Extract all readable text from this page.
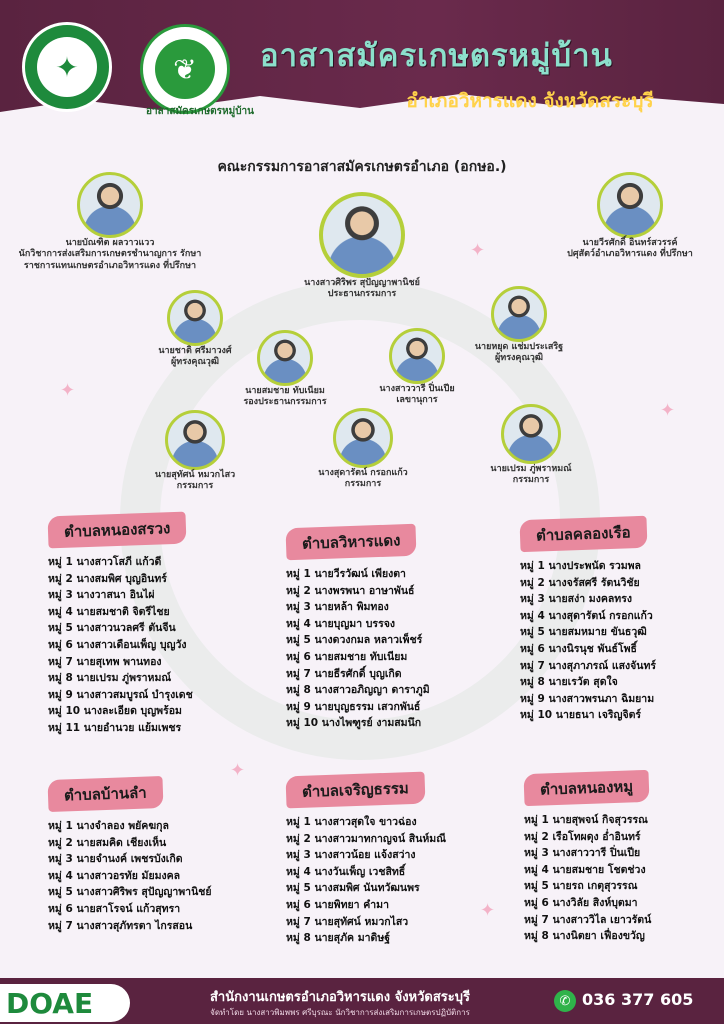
✦	❦
อาสาสมัครเกษตรหมู่บ้าน
อาสาสมัครเกษตรหมู่บ้าน
อำเภอวิหารแดง จังหวัดสระบุรี
✦
✦
✦
✦
✦
คณะกรรมการอาสาสมัครเกษตรอำเภอ (อกษอ.)
นายบัณฑิต ผลวาวแวว
นักวิชาการส่งเสริมการเกษตรชำนาญการ รักษาราชการแทนเกษตรอำเภอวิหารแดง ที่ปรึกษา
นางสาวศิริพร สุปัญญาพานิชย์
ประธานกรรมการ
นายวีรศักดิ์ อินทร์สวรรค์
ปศุสัตว์อำเภอวิหารแดง ที่ปรึกษา
นายชาติ ศรีมาวงศ์
ผู้ทรงคุณวุฒิ
นายหยุด แช่มประเสริฐ
ผู้ทรงคุณวุฒิ
นายสมชาย ทับเนียม
รองประธานกรรมการ
นางสาววารี ปิ่นเปีย
เลขานุการ
นายสุทัศน์ หมวกไสว
กรรมการ
นางสุดารัตน์ กรอกแก้ว
กรรมการ
นายเปรม ภู่พราหมณ์
กรรมการ
ตำบลหนองสรวง
หมู่ 1 นางสาวโสภี แก้วดี
หมู่ 2 นางสมพิศ บุญอินทร์
หมู่ 3 นางวาสนา อินไผ่
หมู่ 4 นายสมชาติ จิตรีไชย
หมู่ 5 นางสาวนวลศรี ตันจีน
หมู่ 6 นางสาวเดือนเพ็ญ บุญวัง
หมู่ 7 นายสุเทพ พานทอง
หมู่ 8 นายเปรม ภู่พราหมณ์
หมู่ 9 นางสาวสมบูรณ์ บำรุงเดช
หมู่ 10 นางละเอียด บุญพร้อม
หมู่ 11 นายอำนวย แย้มเพชร
ตำบลวิหารแดง
หมู่ 1 นายวีรวัฒน์ เพียงตา
หมู่ 2 นางพรพนา อาษาพันธ์
หมู่ 3 นายหล้า พิมทอง
หมู่ 4 นายบุญมา บรรจง
หมู่ 5 นางดวงกมล หลาวเพ็ชร์
หมู่ 6 นายสมชาย ทับเนียม
หมู่ 7 นายธีรศักดิ์ บุญเกิด
หมู่ 8 นางสาวอภิญญา ดาราภูมิ
หมู่ 9 นายบุญธรรม เสวกพันธ์
หมู่ 10 นางไพฑูรย์ งามสมนึก
ตำบลคลองเรือ
หมู่ 1 นางประพนัด รวมพล
หมู่ 2 นางจรัสศรี รัตนวิชัย
หมู่ 3 นายสง่า มงคลทรง
หมู่ 4 นางสุดารัตน์ กรอกแก้ว
หมู่ 5 นายสมหมาย ขันธวุฒิ
หมู่ 6 นางนิรนุช พันธ์โพธิ์
หมู่ 7 นางสุภาภรณ์ แสงจันทร์
หมู่ 8 นายเรวัต สุดใจ
หมู่ 9 นางสาวพรนภา ฉิมยาม
หมู่ 10 นายธนา เจริญจิตร์
ตำบลบ้านลำ
หมู่ 1 นางจำลอง พยัคฆกุล
หมู่ 2 นายสมคิด เชียงเห็น
หมู่ 3 นายจำนงค์ เพชรบังเกิด
หมู่ 4 นางสาวอรทัย มัยมงคล
หมู่ 5 นางสาวศิริพร สุปัญญาพานิชย์
หมู่ 6 นายสาโรจน์ แก้วสุทรา
หมู่ 7 นางสาวสุภัทรตา ไกรสอน
ตำบลเจริญธรรม
หมู่ 1 นางสาวสุดใจ ขาวฉ่อง
หมู่ 2 นางสาวมาทกาญจน์ สินห์มณี
หมู่ 3 นางสาวน้อย แจ้งสว่าง
หมู่ 4 นางวันเพ็ญ เวชสิทธิ์
หมู่ 5 นางสมพิศ นันทวัฒนพร
หมู่ 6 นายพิทยา คำมา
หมู่ 7 นายสุทัศน์ หมวกไสว
หมู่ 8 นายสุภัค มาดิษฐ์
ตำบลหนองหมู
หมู่ 1 นายสุพจน์ กิจสุวรรณ
หมู่ 2 เรือโทผดุง อ่ำอินทร์
หมู่ 3 นางสาววารี ปิ่นเปีย
หมู่ 4 นายสมชาย โชตช่วง
หมู่ 5 นายรถ เกตุสุวรรณ
หมู่ 6 นางวิลัย สิงห์บุตมา
หมู่ 7 นางสาววิไล เยาวรัตน์
หมู่ 8 นางนิตยา เฟื่องขวัญ
DOAE	สำนักงานเกษตรอำเภอวิหารแดง จังหวัดสระบุรี
จัดทำโดย นางสาวพิมพพร ศรีบุรณะ นักวิชาการส่งเสริมการเกษตรปฏิบัติการ
✆ 036 377 605
